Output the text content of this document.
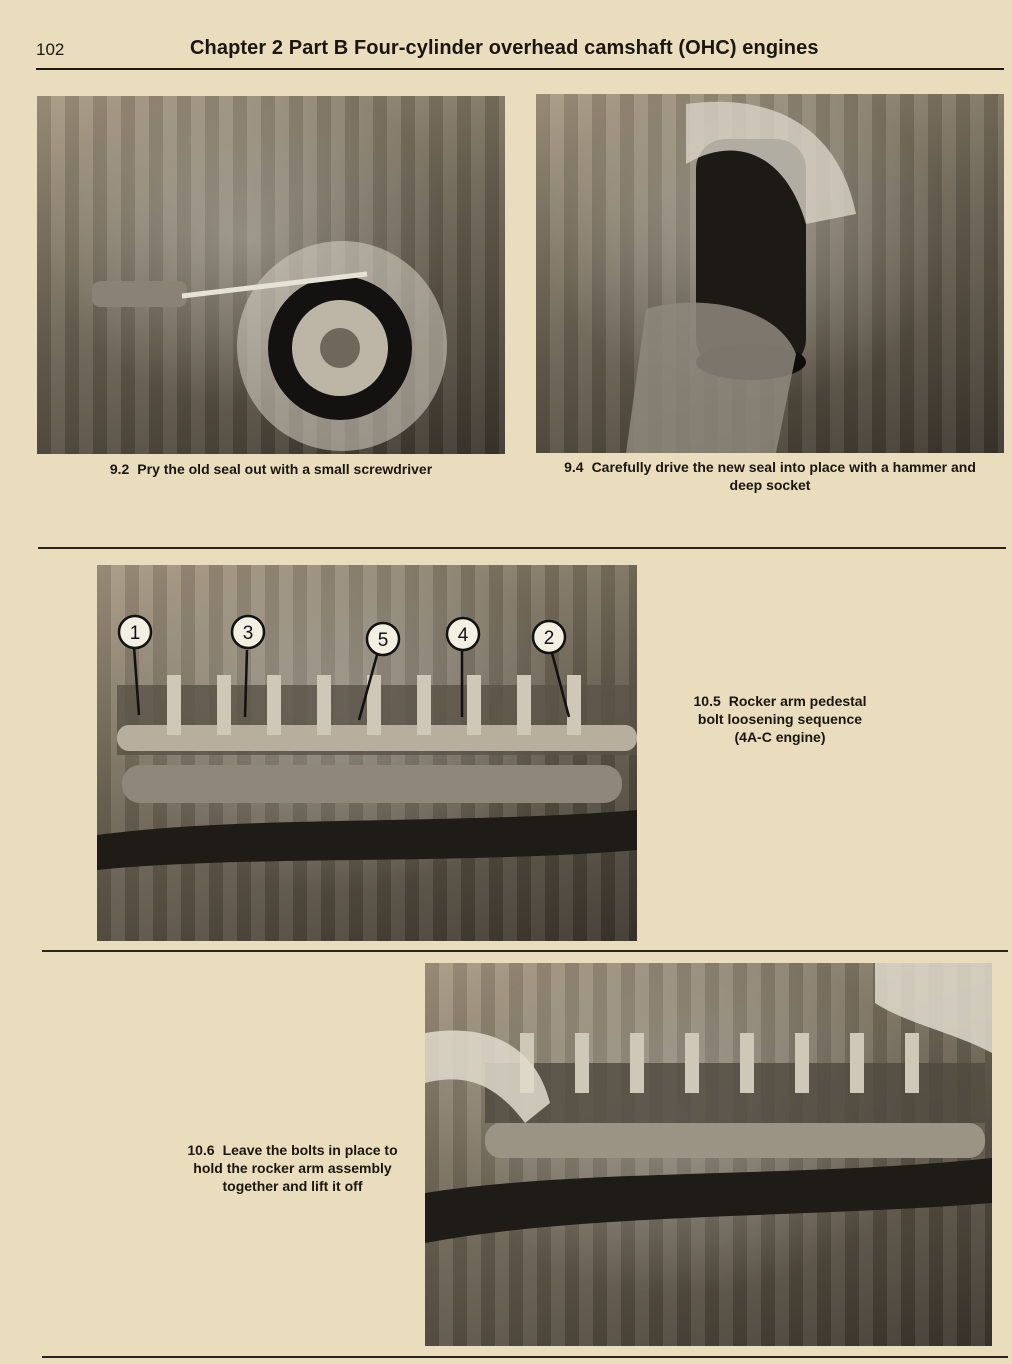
102	Chapter 2 Part B Four-cylinder overhead camshaft (OHC) engines
9.2 Pry the old seal out with a small screwdriver	9.4 Carefully drive the new seal into place with a hammer and
deep socket
1	3	5	4	2
10.5 Rocker arm pedestal
bolt loosening sequence
(4A-C engine)
10.6 Leave the bolts in place to
hold the rocker arm assembly
together and lift it off
